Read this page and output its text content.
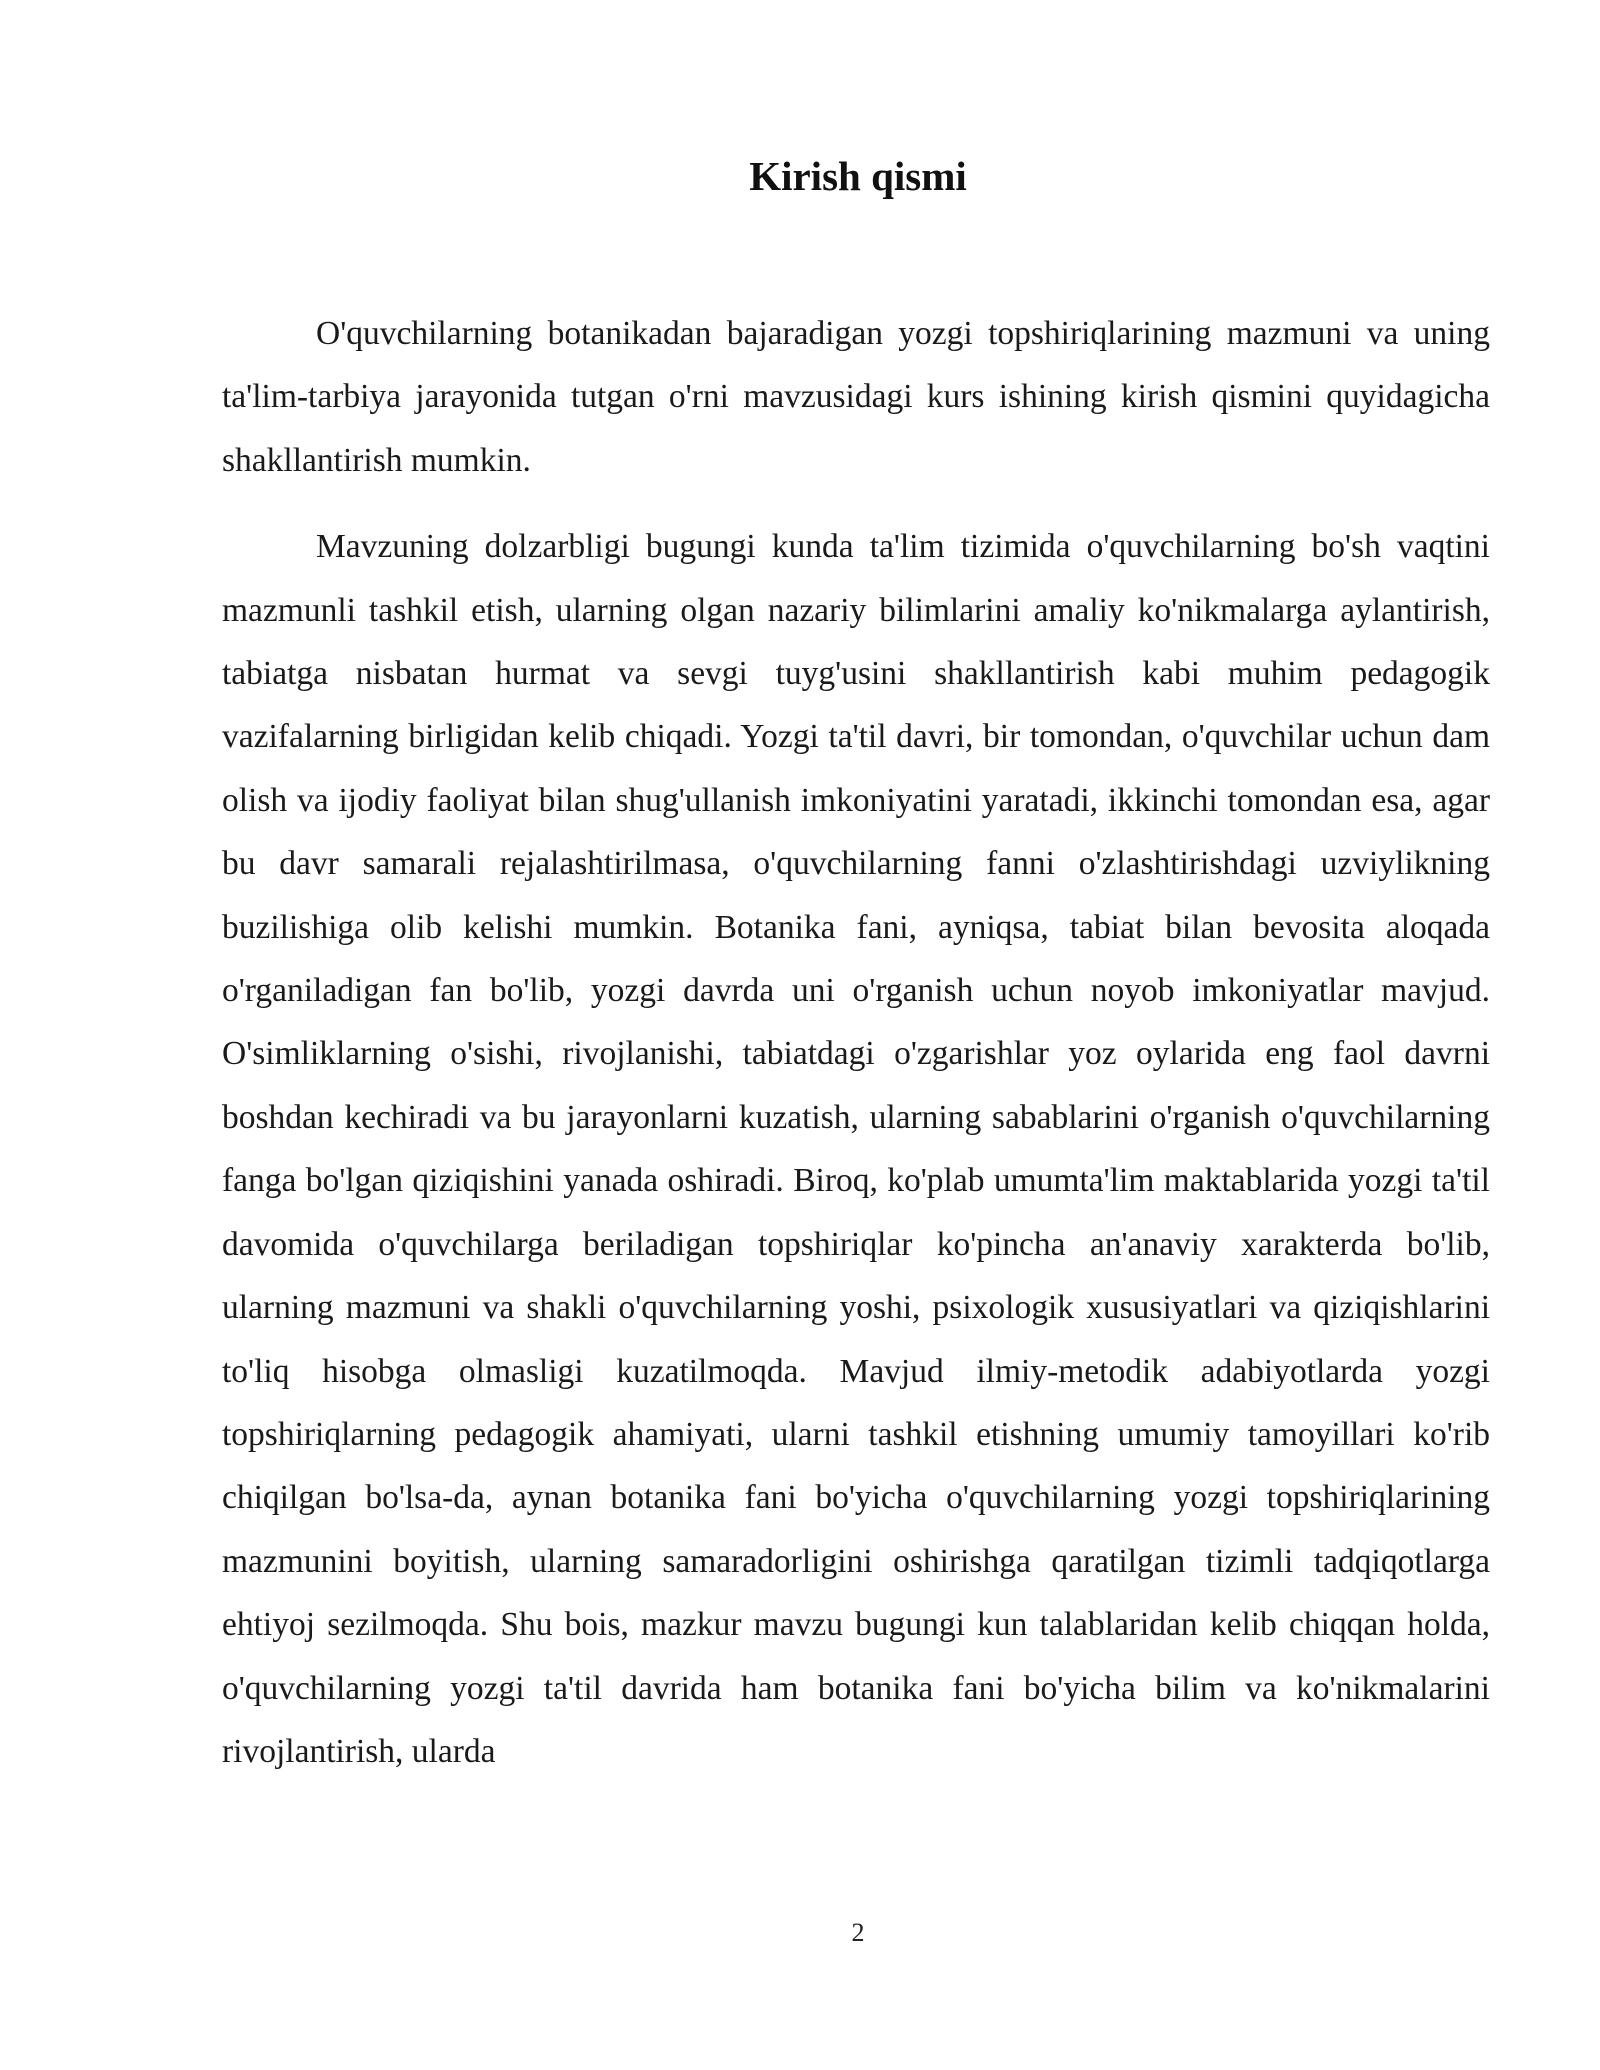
Kirish qismi

O'quvchilarning botanikadan bajaradigan yozgi topshiriqlarining mazmuni va uning ta'lim-tarbiya jarayonida tutgan o'rni mavzusidagi kurs ishining kirish qismini quyidagicha shakllantirish mumkin.

Mavzuning dolzarbligi bugungi kunda ta'lim tizimida o'quvchilarning bo'sh vaqtini mazmunli tashkil etish, ularning olgan nazariy bilimlarini amaliy ko'nikmalarga aylantirish, tabiatga nisbatan hurmat va sevgi tuyg'usini shakllantirish kabi muhim pedagogik vazifalarning birligidan kelib chiqadi. Yozgi ta'til davri, bir tomondan, o'quvchilar uchun dam olish va ijodiy faoliyat bilan shug'ullanish imkoniyatini yaratadi, ikkinchi tomondan esa, agar bu davr samarali rejalashtirilmasa, o'quvchilarning fanni o'zlashtirishdagi uzviylikning buzilishiga olib kelishi mumkin. Botanika fani, ayniqsa, tabiat bilan bevosita aloqada o'rganiladigan fan bo'lib, yozgi davrda uni o'rganish uchun noyob imkoniyatlar mavjud. O'simliklarning o'sishi, rivojlanishi, tabiatdagi o'zgarishlar yoz oylarida eng faol davrni boshdan kechiradi va bu jarayonlarni kuzatish, ularning sabablarini o'rganish o'quvchilarning fanga bo'lgan qiziqishini yanada oshiradi. Biroq, ko'plab umumta'lim maktablarida yozgi ta'til davomida o'quvchilarga beriladigan topshiriqlar ko'pincha an'anaviy xarakterda bo'lib, ularning mazmuni va shakli o'quvchilarning yoshi, psixologik xususiyatlari va qiziqishlarini to'liq hisobga olmasligi kuzatilmoqda. Mavjud ilmiy-metodik adabiyotlarda yozgi topshiriqlarning pedagogik ahamiyati, ularni tashkil etishning umumiy tamoyillari ko'rib chiqilgan bo'lsa-da, aynan botanika fani bo'yicha o'quvchilarning yozgi topshiriqlarining mazmunini boyitish, ularning samaradorligini oshirishga qaratilgan tizimli tadqiqotlarga ehtiyoj sezilmoqda. Shu bois, mazkur mavzu bugungi kun talablaridan kelib chiqqan holda, o'quvchilarning yozgi ta'til davrida ham botanika fani bo'yicha bilim va ko'nikmalarini rivojlantirish, ularda

2
